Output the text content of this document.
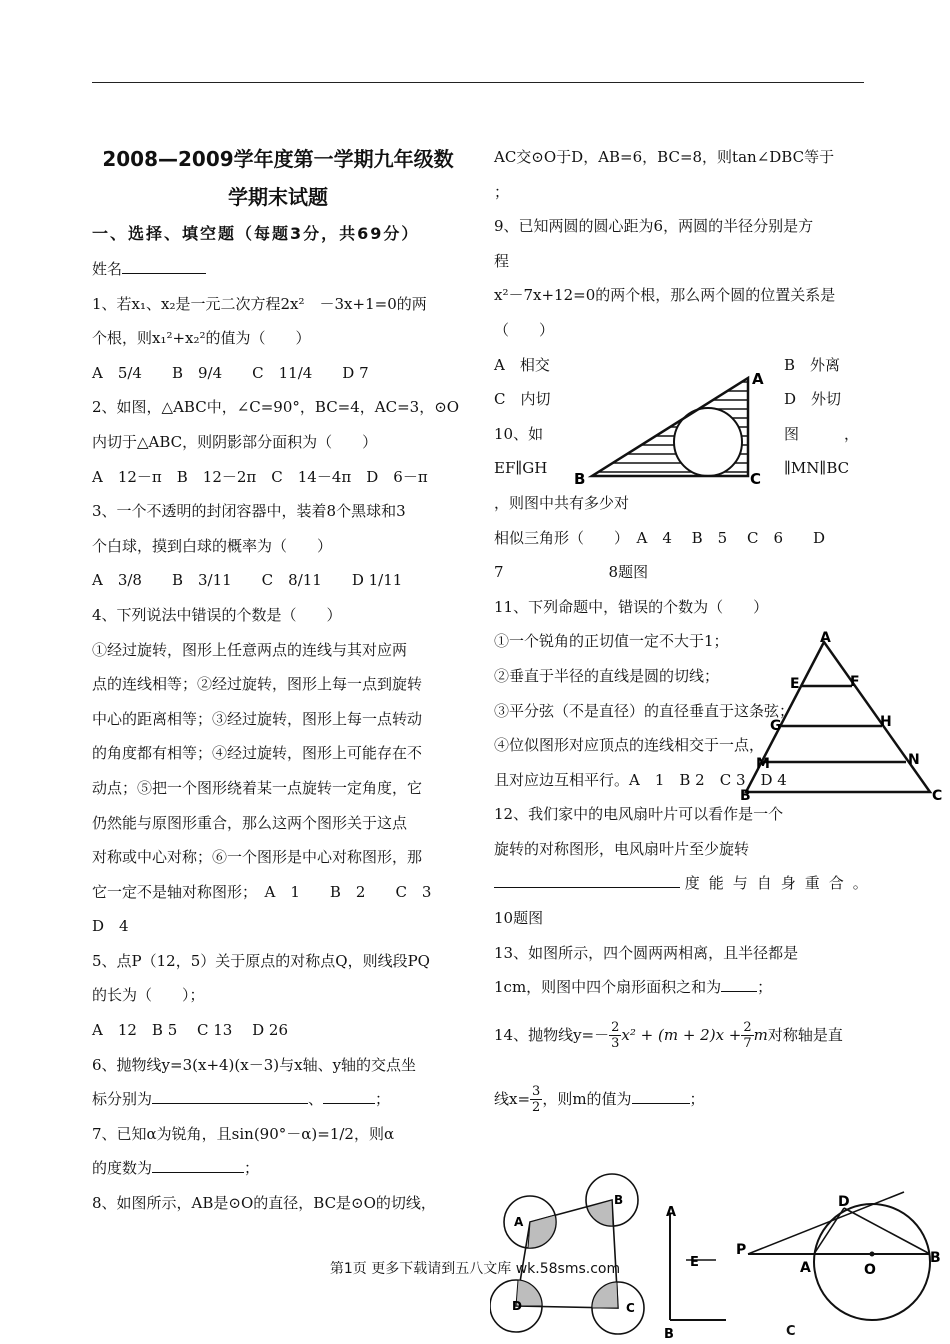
2008—2009学年度第一学期九年级数

学期末试题

一、选择、填空题（每题3分，共69分）

姓名

1、若x₁、x₂是一元二次方程2x²　－3x+1=0的两

个根，则x₁²+x₂²的值为（　　）

A　5/4　　B　9/4　　C　11/4　　D 7

2、如图，△ABC中，∠C=90°，BC=4，AC=3，⊙O

内切于△ABC，则阴影部分面积为（　　）

A　12－π　B　12－2π　C　14－4π　D　6－π

3、一个不透明的封闭容器中，装着8个黑球和3

个白球，摸到白球的概率为（　　）

A　3/8　　B　3/11　　C　8/11　　D 1/11

4、下列说法中错误的个数是（　　）

①经过旋转，图形上任意两点的连线与其对应两

点的连线相等；②经过旋转，图形上每一点到旋转

中心的距离相等；③经过旋转，图形上每一点转动

的角度都有相等；④经过旋转，图形上可能存在不

动点；⑤把一个图形绕着某一点旋转一定角度，它

仍然能与原图形重合，那么这两个图形关于这点

对称或中心对称；⑥一个图形是中心对称图形，那

它一定不是轴对称图形；　A　1　　B　2　　C　3

D　4

5、点P（12，5）关于原点的对称点Q，则线段PQ

的长为（　　）；

A　12　B 5　 C 13　 D 26

6、抛物线y=3(x+4)(x－3)与x轴、y轴的交点坐

标分别为	、	；

7、已知α为锐角，且sin(90°－α)=1/2，则α

的度数为	；

8、如图所示，AB是⊙O的直径，BC是⊙O的切线，

AC交⊙O于D，AB=6，BC=8，则tan∠DBC等于

；

9、已知两圆的圆心距为6，两圆的半径分别是方

程

x²－7x+12=0的两个根，那么两个圆的位置关系是

（　　）

A　相交	B　外离

C　内切	D　外切

10、如	图　　　，

EF∥GH	∥MN∥BC

，则图中共有多少对

相似三角形（　　）　A　4　 B　5　 C　6　　D

7　　　　　　　8题图

11、下列命题中，错误的个数为（　　）

①一个锐角的正切值一定不大于1；

②垂直于半径的直线是圆的切线；

③平分弦（不是直径）的直径垂直于这条弦；

④位似图形对应顶点的连线相交于一点，

且对应边互相平行。A　1　B 2　C 3　D 4

12、我们家中的电风扇叶片可以看作是一个

旋转的对称图形，电风扇叶片至少旋转

度能与自身重合。

10题图

13、如图所示，四个圆两两相离，且半径都是

1cm，则图中四个扇形面积之和为 ；

14、抛物线$y=- \frac{2}{3} x^2 + (m + 2)x + \frac{2}{7}$ m对称轴是直

线$x= \frac{3}{2}$ ，则m的值为	；

A
B	C
A
E	F
G	H
M	N
B	C
A
B
C
D
A
E
B	C
P
A	O
B
D
第1页 更多下载请到五八文库 wk.58sms.com
